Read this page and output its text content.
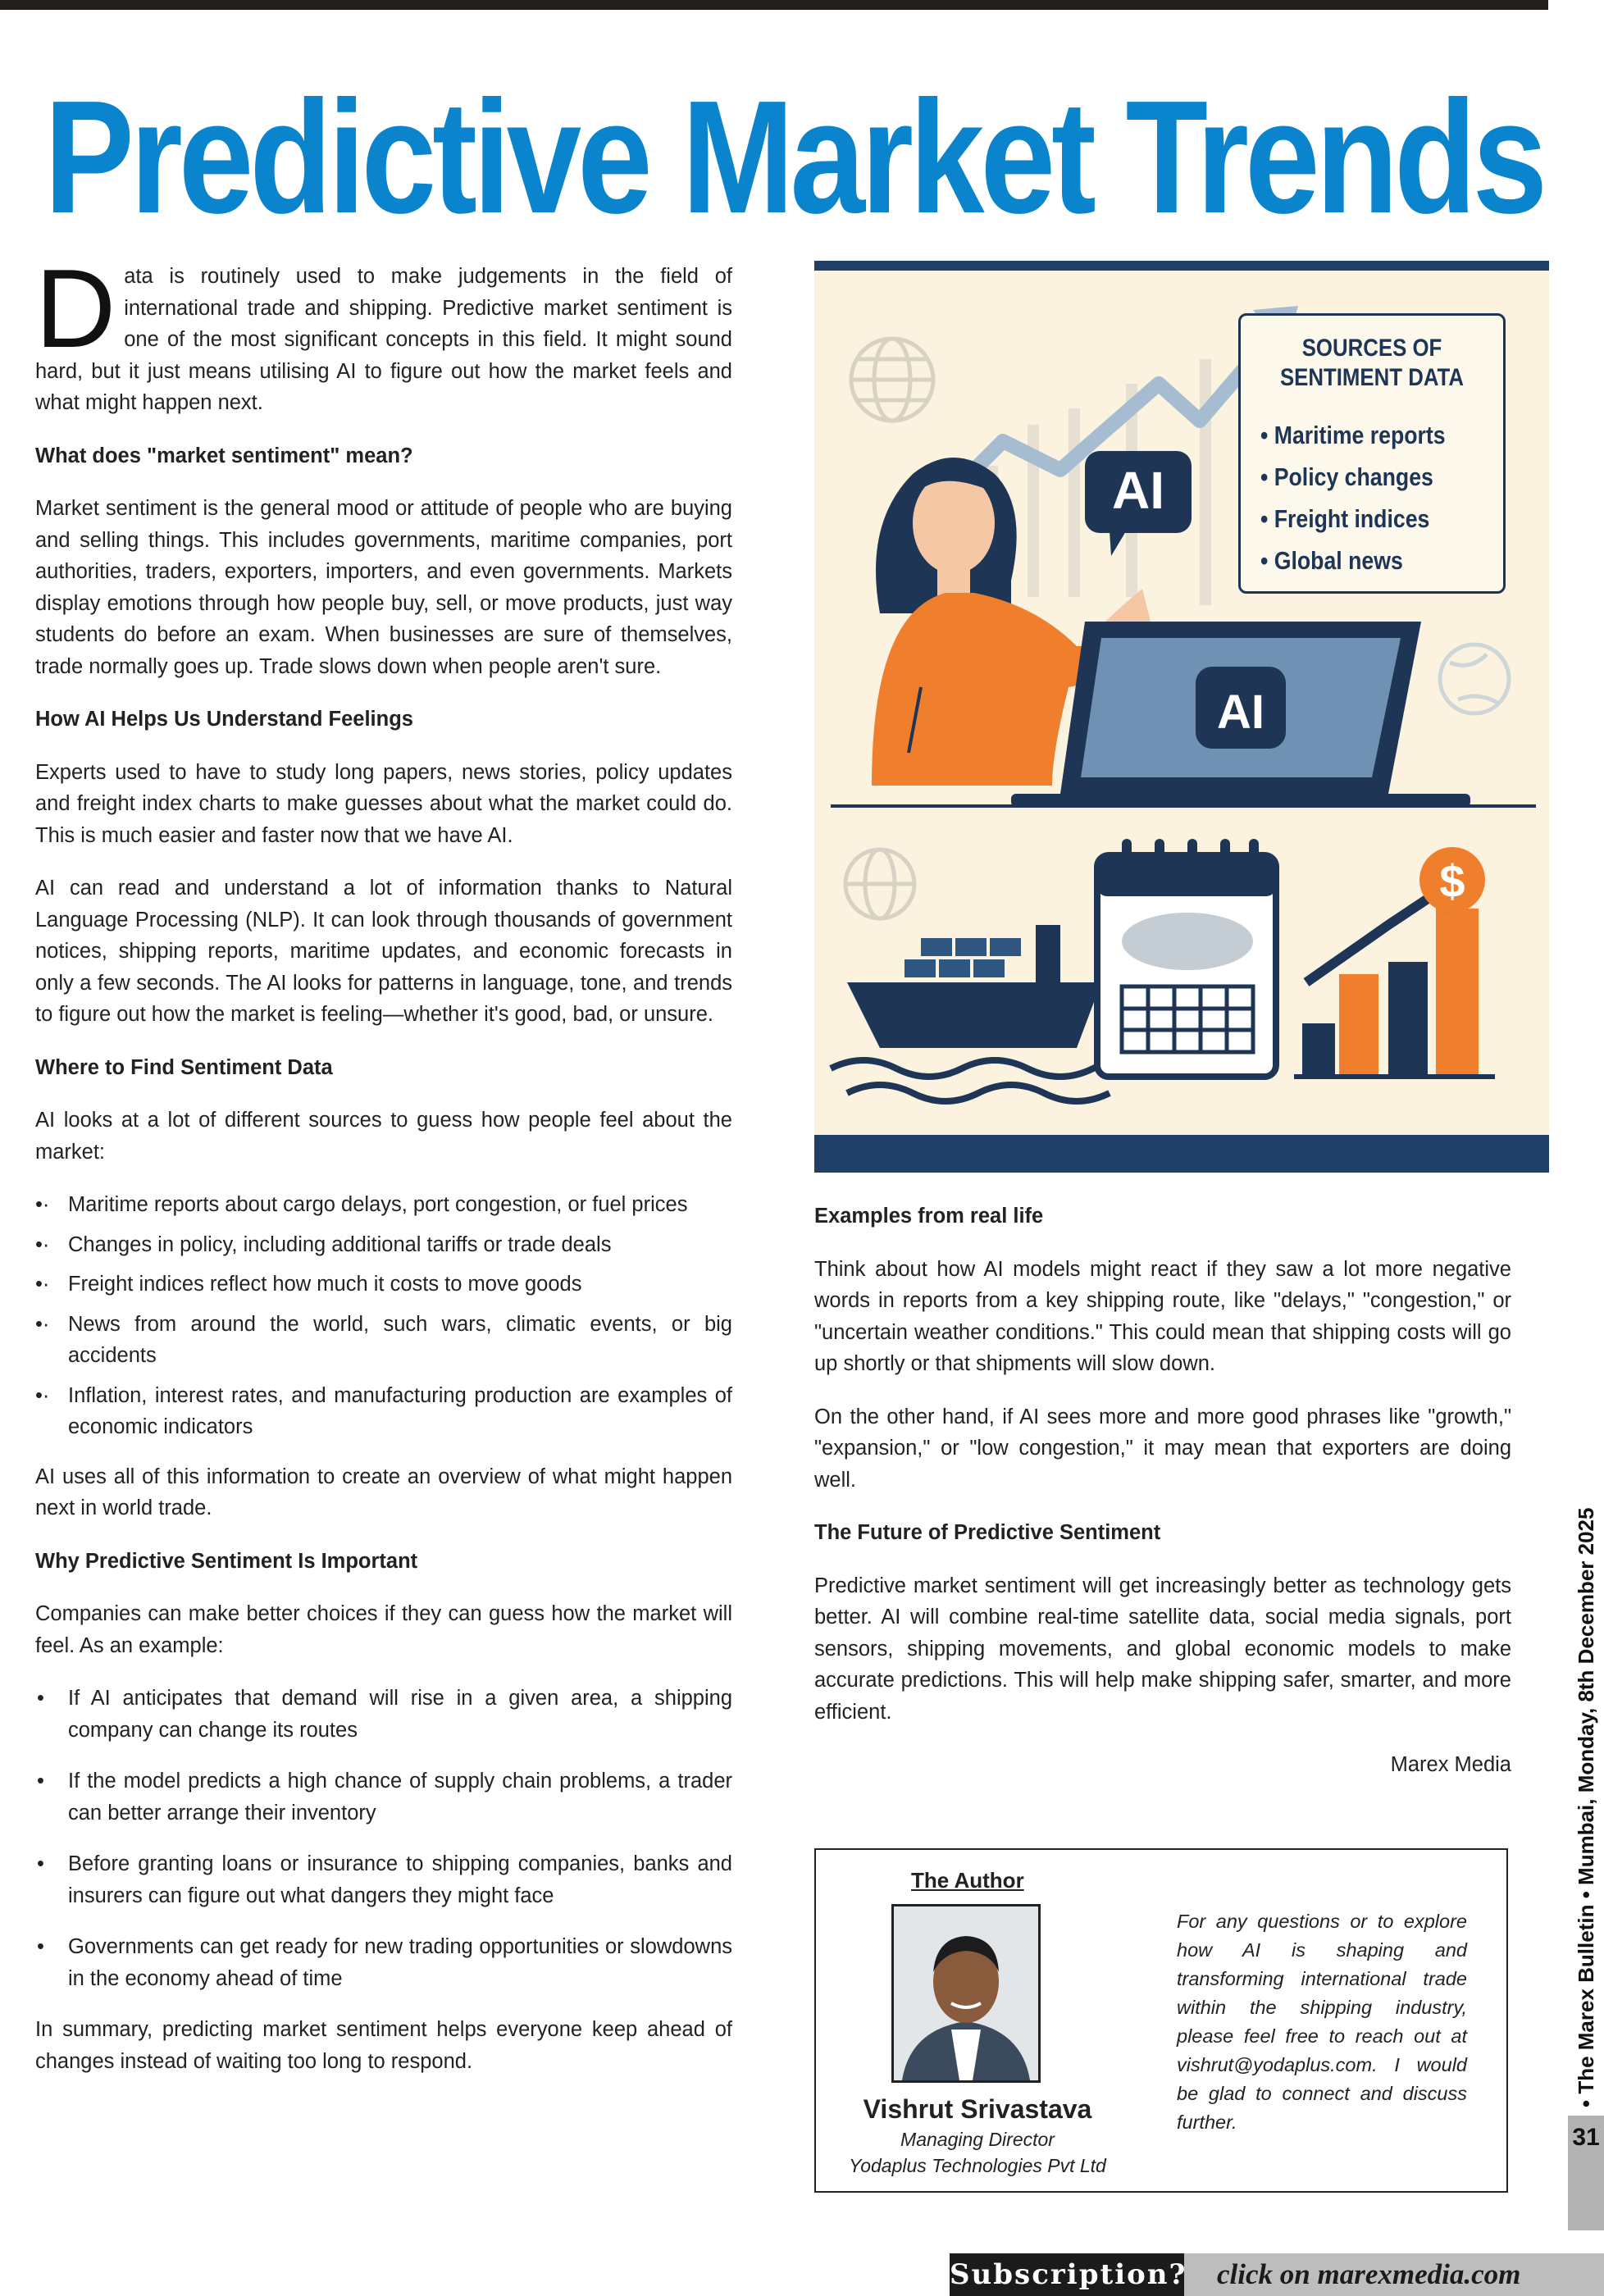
Predictive Market Trends

Data is routinely used to make judgements in the field of international trade and shipping. Predictive market sentiment is one of the most significant concepts in this field. It might sound hard, but it just means utilising AI to figure out how the market feels and what might happen next.

What does "market sentiment" mean?

Market sentiment is the general mood or attitude of people who are buying and selling things. This includes governments, maritime companies, port authorities, traders, exporters, importers, and even governments. Markets display emotions through how people buy, sell, or move products, just way students do before an exam. When businesses are sure of themselves, trade normally goes up. Trade slows down when people aren't sure.

How AI Helps Us Understand Feelings

Experts used to have to study long papers, news stories, policy updates and freight index charts to make guesses about what the market could do. This is much easier and faster now that we have AI.

AI can read and understand a lot of information thanks to Natural Language Processing (NLP). It can look through thousands of government notices, shipping reports, maritime updates, and economic forecasts in only a few seconds. The AI looks for patterns in language, tone, and trends to figure out how the market is feeling—whether it's good, bad, or unsure.

Where to Find Sentiment Data

AI looks at a lot of different sources to guess how people feel about the market:

•· Maritime reports about cargo delays, port congestion, or fuel prices
•· Changes in policy, including additional tariffs or trade deals
•· Freight indices reflect how much it costs to move goods
•· News from around the world, such wars, climatic events, or big accidents
•· Inflation, interest rates, and manufacturing production are examples of economic indicators

AI uses all of this information to create an overview of what might happen next in world trade.

Why Predictive Sentiment Is Important

Companies can make better choices if they can guess how the market will feel. As an example:

• If AI anticipates that demand will rise in a given area, a shipping company can change its routes
• If the model predicts a high chance of supply chain problems, a trader can better arrange their inventory
• Before granting loans or insurance to shipping companies, banks and insurers can figure out what dangers they might face
• Governments can get ready for new trading opportunities or slowdowns in the economy ahead of time

In summary, predicting market sentiment helps everyone keep ahead of changes instead of waiting too long to respond.

AI
AI
$
SOURCES OF
SENTIMENT DATA
• Maritime reports
• Policy changes
• Freight indices
• Global news
Examples from real life

Think about how AI models might react if they saw a lot more negative words in reports from a key shipping route, like "delays," "congestion," or "uncertain weather conditions." This could mean that shipping costs will go up shortly or that shipments will slow down.

On the other hand, if AI sees more and more good phrases like "growth," "expansion," or "low congestion," it may mean that exporters are doing well.

The Future of Predictive Sentiment

Predictive market sentiment will get increasingly better as technology gets better. AI will combine real-time satellite data, social media signals, port sensors, shipping movements, and global economic models to make accurate predictions. This will help make shipping safer, smarter, and more efficient.

Marex Media
The Author
Vishrut Srivastava
Managing Director
Yodaplus Technologies Pvt Ltd
For any questions or to explore how AI is shaping and transforming international trade within the shipping industry, please feel free to reach out at vishrut@yodaplus.com. I would be glad to connect and discuss further.
• The Marex Bulletin • Mumbai, Monday, 8th December 2025
31
Subscription? click on marexmedia.com
